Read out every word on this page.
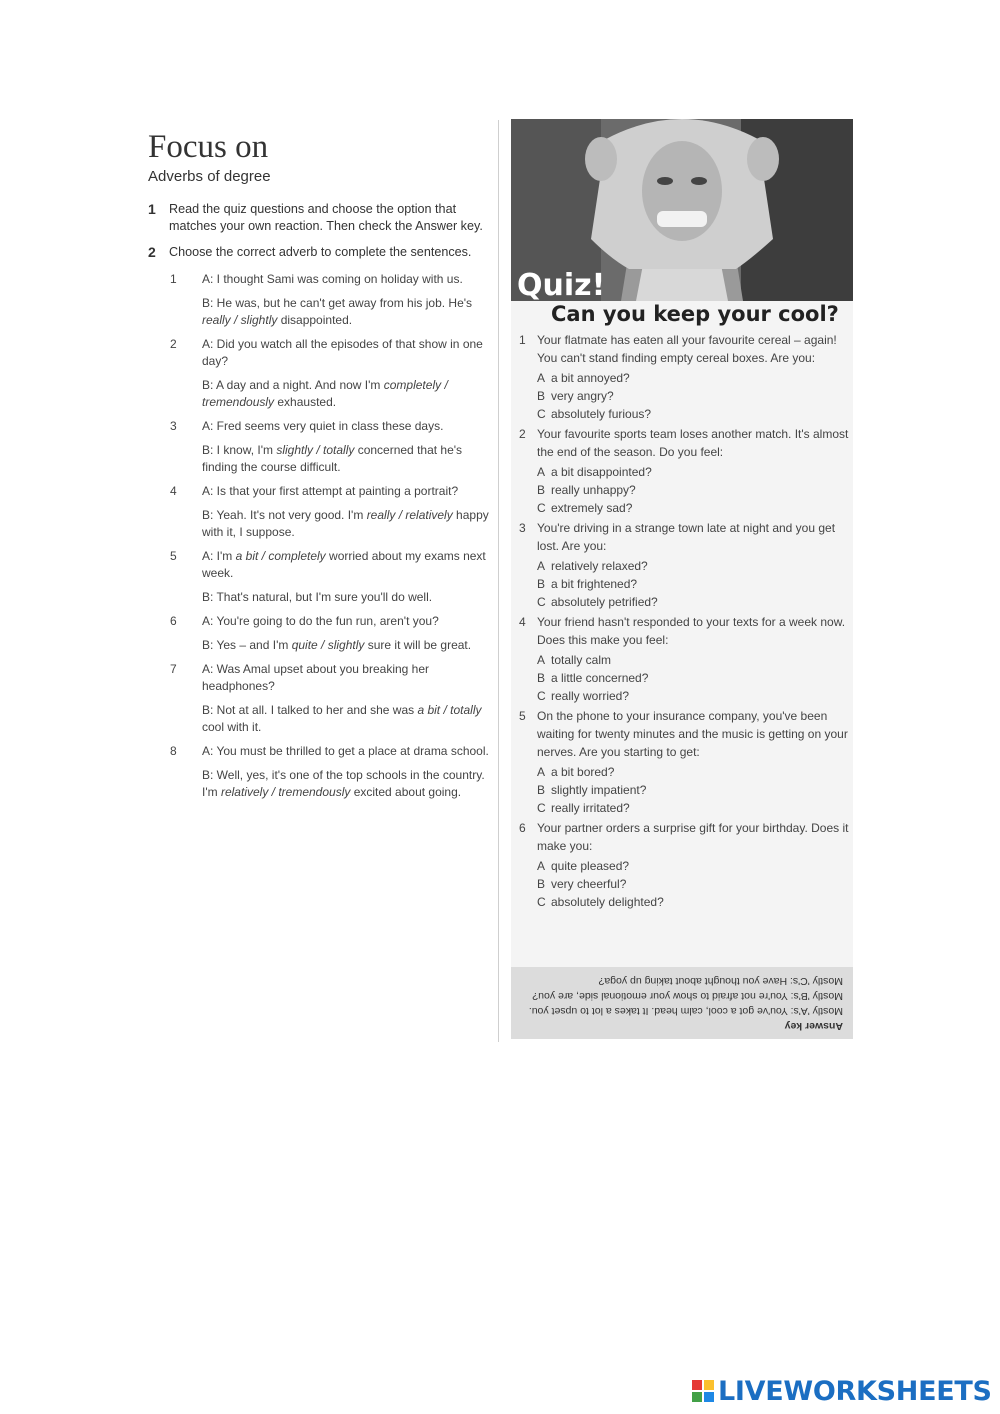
Focus on
Adverbs of degree
1 Read the quiz questions and choose the option that matches your own reaction. Then check the Answer key.
2 Choose the correct adverb to complete the sentences.
1	A: I thought Sami was coming on holiday with us.
B: He was, but he can't get away from his job. He's really / slightly disappointed.
2	A: Did you watch all the episodes of that show in one day?
B: A day and a night. And now I'm completely / tremendously exhausted.
3	A: Fred seems very quiet in class these days.
B: I know, I'm slightly / totally concerned that he's finding the course difficult.
4	A: Is that your first attempt at painting a portrait?
B: Yeah. It's not very good. I'm really / relatively happy with it, I suppose.
5	A: I'm a bit / completely worried about my exams next week.
B: That's natural, but I'm sure you'll do well.
6	A: You're going to do the fun run, aren't you?
B: Yes – and I'm quite / slightly sure it will be great.
7	A: Was Amal upset about you breaking her headphones?
B: Not at all. I talked to her and she was a bit / totally cool with it.
8	A: You must be thrilled to get a place at drama school.
B: Well, yes, it's one of the top schools in the country. I'm relatively / tremendously excited about going.
Quiz!
Can you keep your cool?
1 Your flatmate has eaten all your favourite cereal – again! You can't stand finding empty cereal boxes. Are you:
A a bit annoyed?
B very angry?
C absolutely furious?
2 Your favourite sports team loses another match. It's almost the end of the season. Do you feel:
A a bit disappointed?
B really unhappy?
C extremely sad?
3 You're driving in a strange town late at night and you get lost. Are you:
A relatively relaxed?
B a bit frightened?
C absolutely petrified?
4 Your friend hasn't responded to your texts for a week now. Does this make you feel:
A totally calm
B a little concerned?
C really worried?
5 On the phone to your insurance company, you've been waiting for twenty minutes and the music is getting on your nerves. Are you starting to get:
A a bit bored?
B slightly impatient?
C really irritated?
6 Your partner orders a surprise gift for your birthday. Does it make you:
A quite pleased?
B very cheerful?
C absolutely delighted?
Answer key
Mostly 'A's: You've got a cool, calm head. It takes a lot to upset you.
Mostly 'B's: You're not afraid to show your emotional side, are you?
Mostly 'C's: Have you thought about taking up yoga?
LIVEWORKSHEETS
